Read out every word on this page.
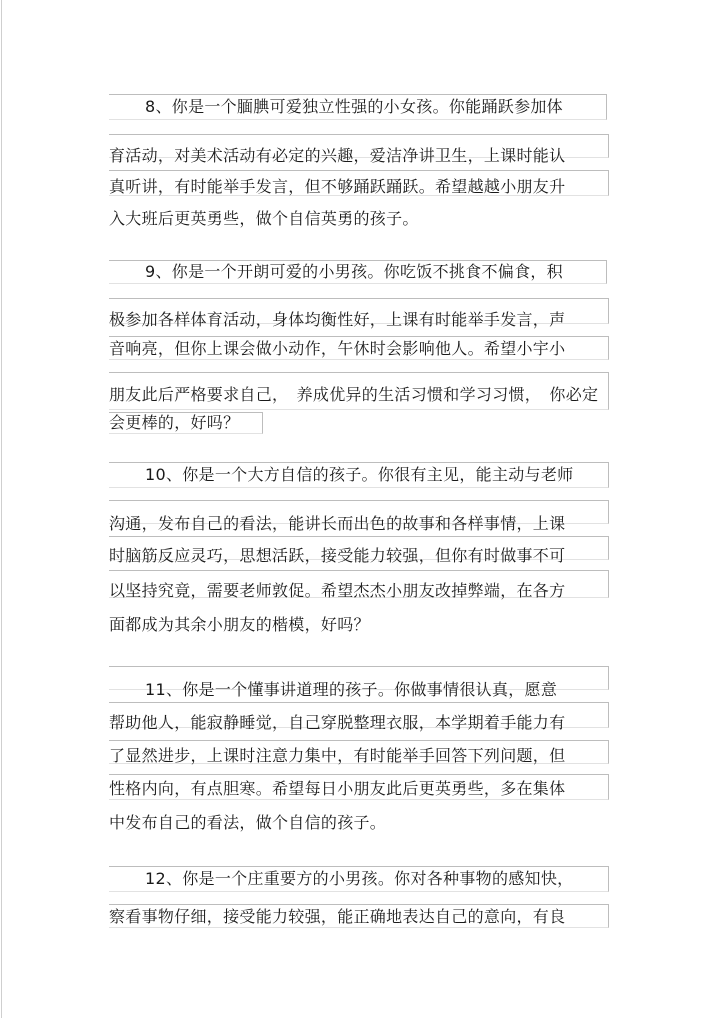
8、你是一个腼腆可爱独立性强的小女孩。你能踊跃参加体
育活动，对美术活动有必定的兴趣，爱洁净讲卫生，上课时能认
真听讲，有时能举手发言，但不够踊跃踊跃。希望越越小朋友升
入大班后更英勇些，做个自信英勇的孩子。
9、你是一个开朗可爱的小男孩。你吃饭不挑食不偏食，积
极参加各样体育活动，身体均衡性好，上课有时能举手发言，声
音响亮，但你上课会做小动作，午休时会影响他人。希望小宇小
朋友此后严格要求自己，　养成优异的生活习惯和学习习惯，　你必定
会更棒的，好吗？
10、你是一个大方自信的孩子。你很有主见，能主动与老师
沟通，发布自己的看法，能讲长而出色的故事和各样事情，上课
时脑筋反应灵巧，思想活跃，接受能力较强，但你有时做事不可
以坚持究竟，需要老师敦促。希望杰杰小朋友改掉弊端，在各方
面都成为其余小朋友的楷模，好吗？
11、你是一个懂事讲道理的孩子。你做事情很认真，愿意
帮助他人，能寂静睡觉，自己穿脱整理衣服，本学期着手能力有
了显然进步，上课时注意力集中，有时能举手回答下列问题，但
性格内向，有点胆寒。希望每日小朋友此后更英勇些，多在集体
中发布自己的看法，做个自信的孩子。
12、你是一个庄重要方的小男孩。你对各种事物的感知快，
察看事物仔细，接受能力较强，能正确地表达自己的意向，有良
